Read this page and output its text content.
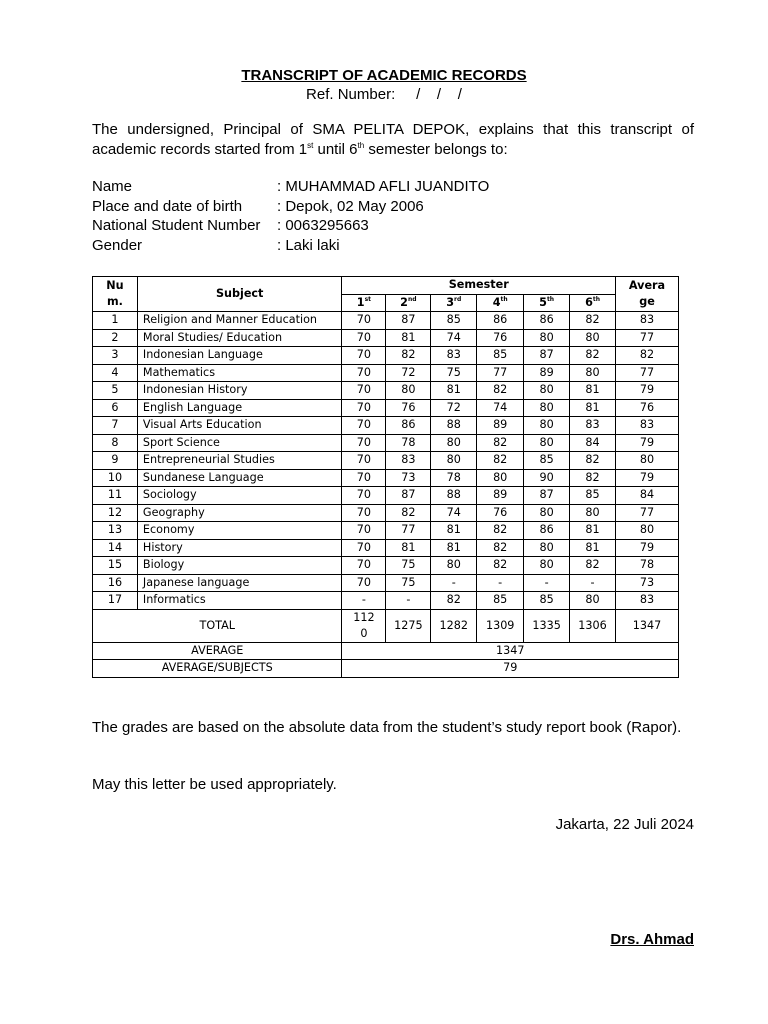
TRANSCRIPT OF ACADEMIC RECORDS
Ref. Number: /    /    /
The undersigned, Principal of SMA PELITA DEPOK, explains that this transcript of academic records started from 1st until 6th semester belongs to:
Name	: MUHAMMAD AFLI JUANDITO
Place and date of birth	: Depok, 02 May 2006
National Student Number	: 0063295663
Gender	: Laki laki
Num.	Subject	Semester						Average
		1st	2nd	3rd	4th	5th	6th
1	Religion and Manner Education	70	87	85	86	86	82	83
2	Moral Studies/ Education	70	81	74	76	80	80	77
3	Indonesian Language	70	82	83	85	87	82	82
4	Mathematics	70	72	75	77	89	80	77
5	Indonesian History	70	80	81	82	80	81	79
6	English Language	70	76	72	74	80	81	76
7	Visual Arts Education	70	86	88	89	80	83	83
8	Sport Science	70	78	80	82	80	84	79
9	Entrepreneurial Studies	70	83	80	82	85	82	80
10	Sundanese Language	70	73	78	80	90	82	79
11	Sociology	70	87	88	89	87	85	84
12	Geography	70	82	74	76	80	80	77
13	Economy	70	77	81	82	86	81	80
14	History	70	81	81	82	80	81	79
15	Biology	70	75	80	82	80	82	78
16	Japanese language	70	75	-	-	-	-	73
17	Informatics	-	-	82	85	85	80	83
TOTAL		1120	1275	1282	1309	1335	1306	1347
AVERAGE		1347						
AVERAGE/SUBJECTS		79						
The grades are based on the absolute data from the student’s study report book (Rapor).
May this letter be used appropriately.
Jakarta, 22 Juli 2024
Drs. Ahmad
